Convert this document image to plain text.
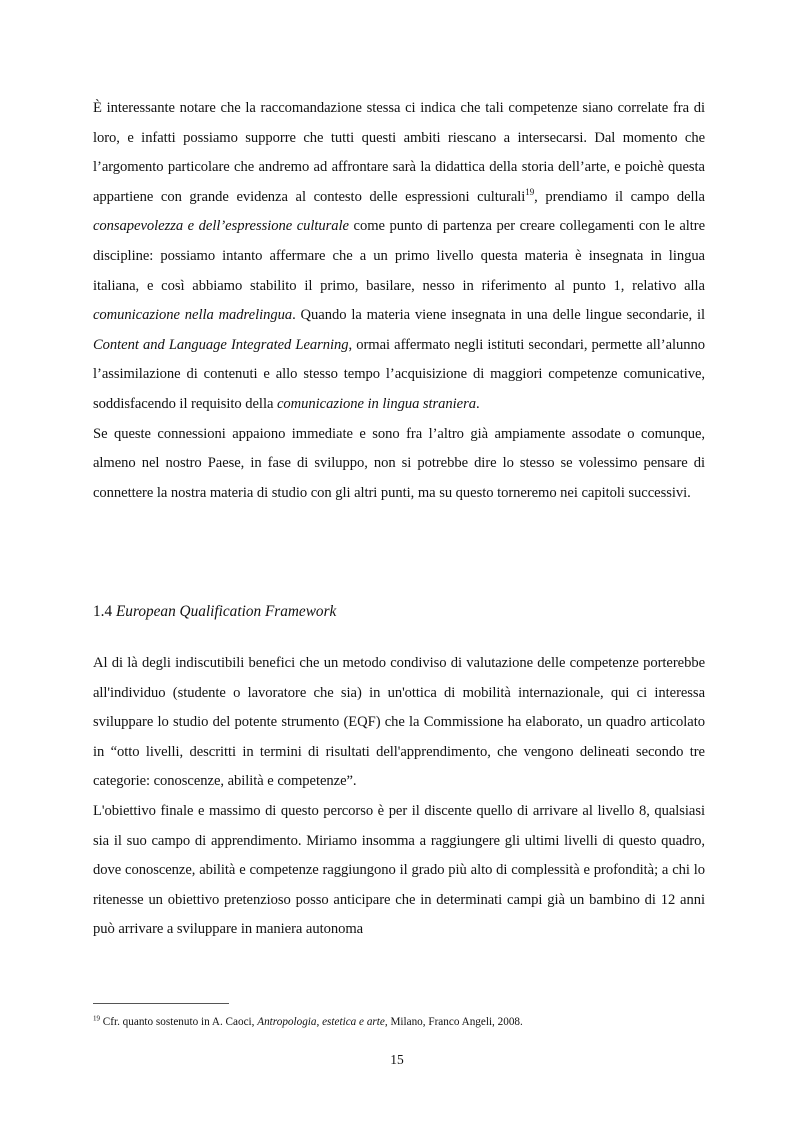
È interessante notare che la raccomandazione stessa ci indica che tali competenze siano correlate fra di loro, e infatti possiamo supporre che tutti questi ambiti riescano a intersecarsi. Dal momento che l’argomento particolare che andremo ad affrontare sarà la didattica della storia dell’arte, e poichè questa appartiene con grande evidenza al contesto delle espressioni culturali$^{19}$, prendiamo il campo della consapevolezza e dell’espressione culturale come punto di partenza per creare collegamenti con le altre discipline: possiamo intanto affermare che a un primo livello questa materia è insegnata in lingua italiana, e così abbiamo stabilito il primo, basilare, nesso in riferimento al punto 1, relativo alla comunicazione nella madrelingua. Quando la materia viene insegnata in una delle lingue secondarie, il Content and Language Integrated Learning, ormai affermato negli istituti secondari, permette all’alunno l’assimilazione di contenuti e allo stesso tempo l’acquisizione di maggiori competenze comunicative, soddisfacendo il requisito della comunicazione in lingua straniera.

Se queste connessioni appaiono immediate e sono fra l’altro già ampiamente assodate o comunque, almeno nel nostro Paese, in fase di sviluppo, non si potrebbe dire lo stesso se volessimo pensare di connettere la nostra materia di studio con gli altri punti, ma su questo torneremo nei capitoli successivi.

1.4 European Qualification Framework

Al di là degli indiscutibili benefici che un metodo condiviso di valutazione delle competenze porterebbe all'individuo (studente o lavoratore che sia) in un'ottica di mobilità internazionale, qui ci interessa sviluppare lo studio del potente strumento (EQF) che la Commissione ha elaborato, un quadro articolato in “otto livelli, descritti in termini di risultati dell'apprendimento, che vengono delineati secondo tre categorie: conoscenze, abilità e competenze”.

L'obiettivo finale e massimo di questo percorso è per il discente quello di arrivare al livello 8, qualsiasi sia il suo campo di apprendimento. Miriamo insomma a raggiungere gli ultimi livelli di questo quadro, dove conoscenze, abilità e competenze raggiungono il grado più alto di complessità e profondità; a chi lo ritenesse un obiettivo pretenzioso posso anticipare che in determinati campi già un bambino di 12 anni può arrivare a sviluppare in maniera autonoma

$^{19}$ Cfr. quanto sostenuto in A. Caoci, Antropologia, estetica e arte, Milano, Franco Angeli, 2008.
15
